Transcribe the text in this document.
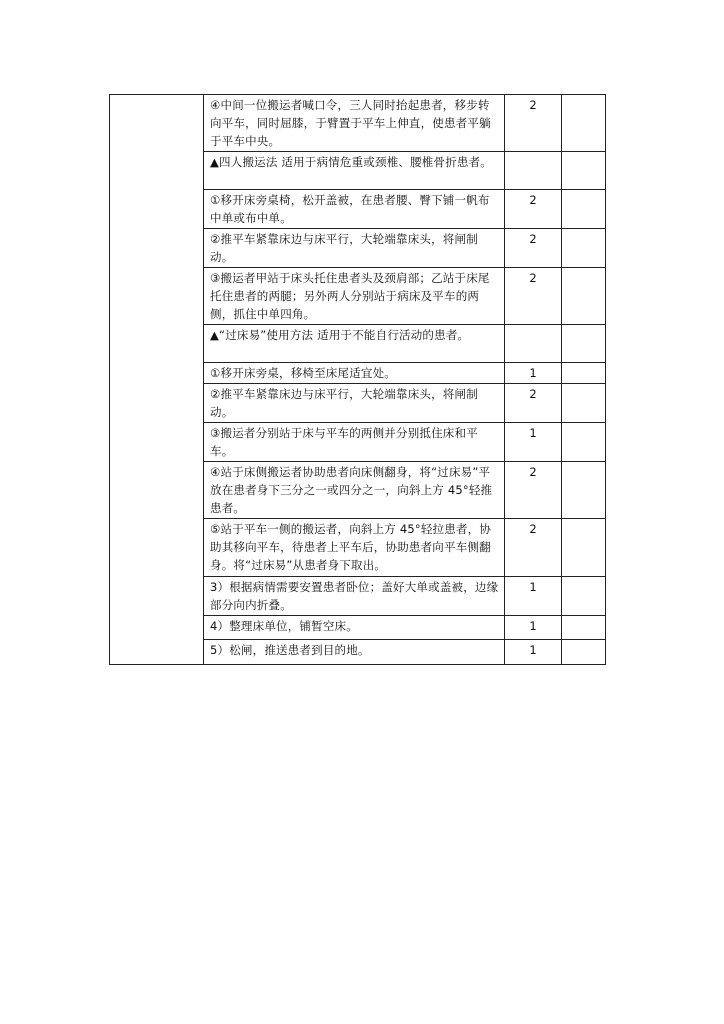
	④中间一位搬运者喊口令，三人同时抬起患者，移步转向平车，同时屈膝，于臂置于平车上伸直，使患者平躺于平车中央。	2	
	▲四人搬运法 适用于病情危重或颈椎、腰椎骨折患者。		
	①移开床旁桌椅，松开盖被，在患者腰、臀下铺一帆布中单或布中单。	2	
	②推平车紧靠床边与床平行，大轮端靠床头，将闸制动。	2	
	③搬运者甲站于床头托住患者头及颈肩部；乙站于床尾托住患者的两腿；另外两人分别站于病床及平车的两侧，抓住中单四角。	2	
	▲“过床易”使用方法 适用于不能自行活动的患者。		
	①移开床旁桌，移椅至床尾适宜处。	1	
	②推平车紧靠床边与床平行，大轮端靠床头，将闸制动。	2	
	③搬运者分别站于床与平车的两侧并分别抵住床和平车。	1	
	④站于床侧搬运者协助患者向床侧翻身，将“过床易”平放在患者身下三分之一或四分之一，向斜上方 45°轻推患者。	2	
	⑤站于平车一侧的搬运者，向斜上方 45°轻拉患者，协助其移向平车，待患者上平车后，协助患者向平车侧翻身。将“过床易”从患者身下取出。	2	
	3）根据病情需要安置患者卧位；盖好大单或盖被，边缘部分向内折叠。	1	
	4）整理床单位，铺暂空床。	1	
	5）松闸，推送患者到目的地。	1	
